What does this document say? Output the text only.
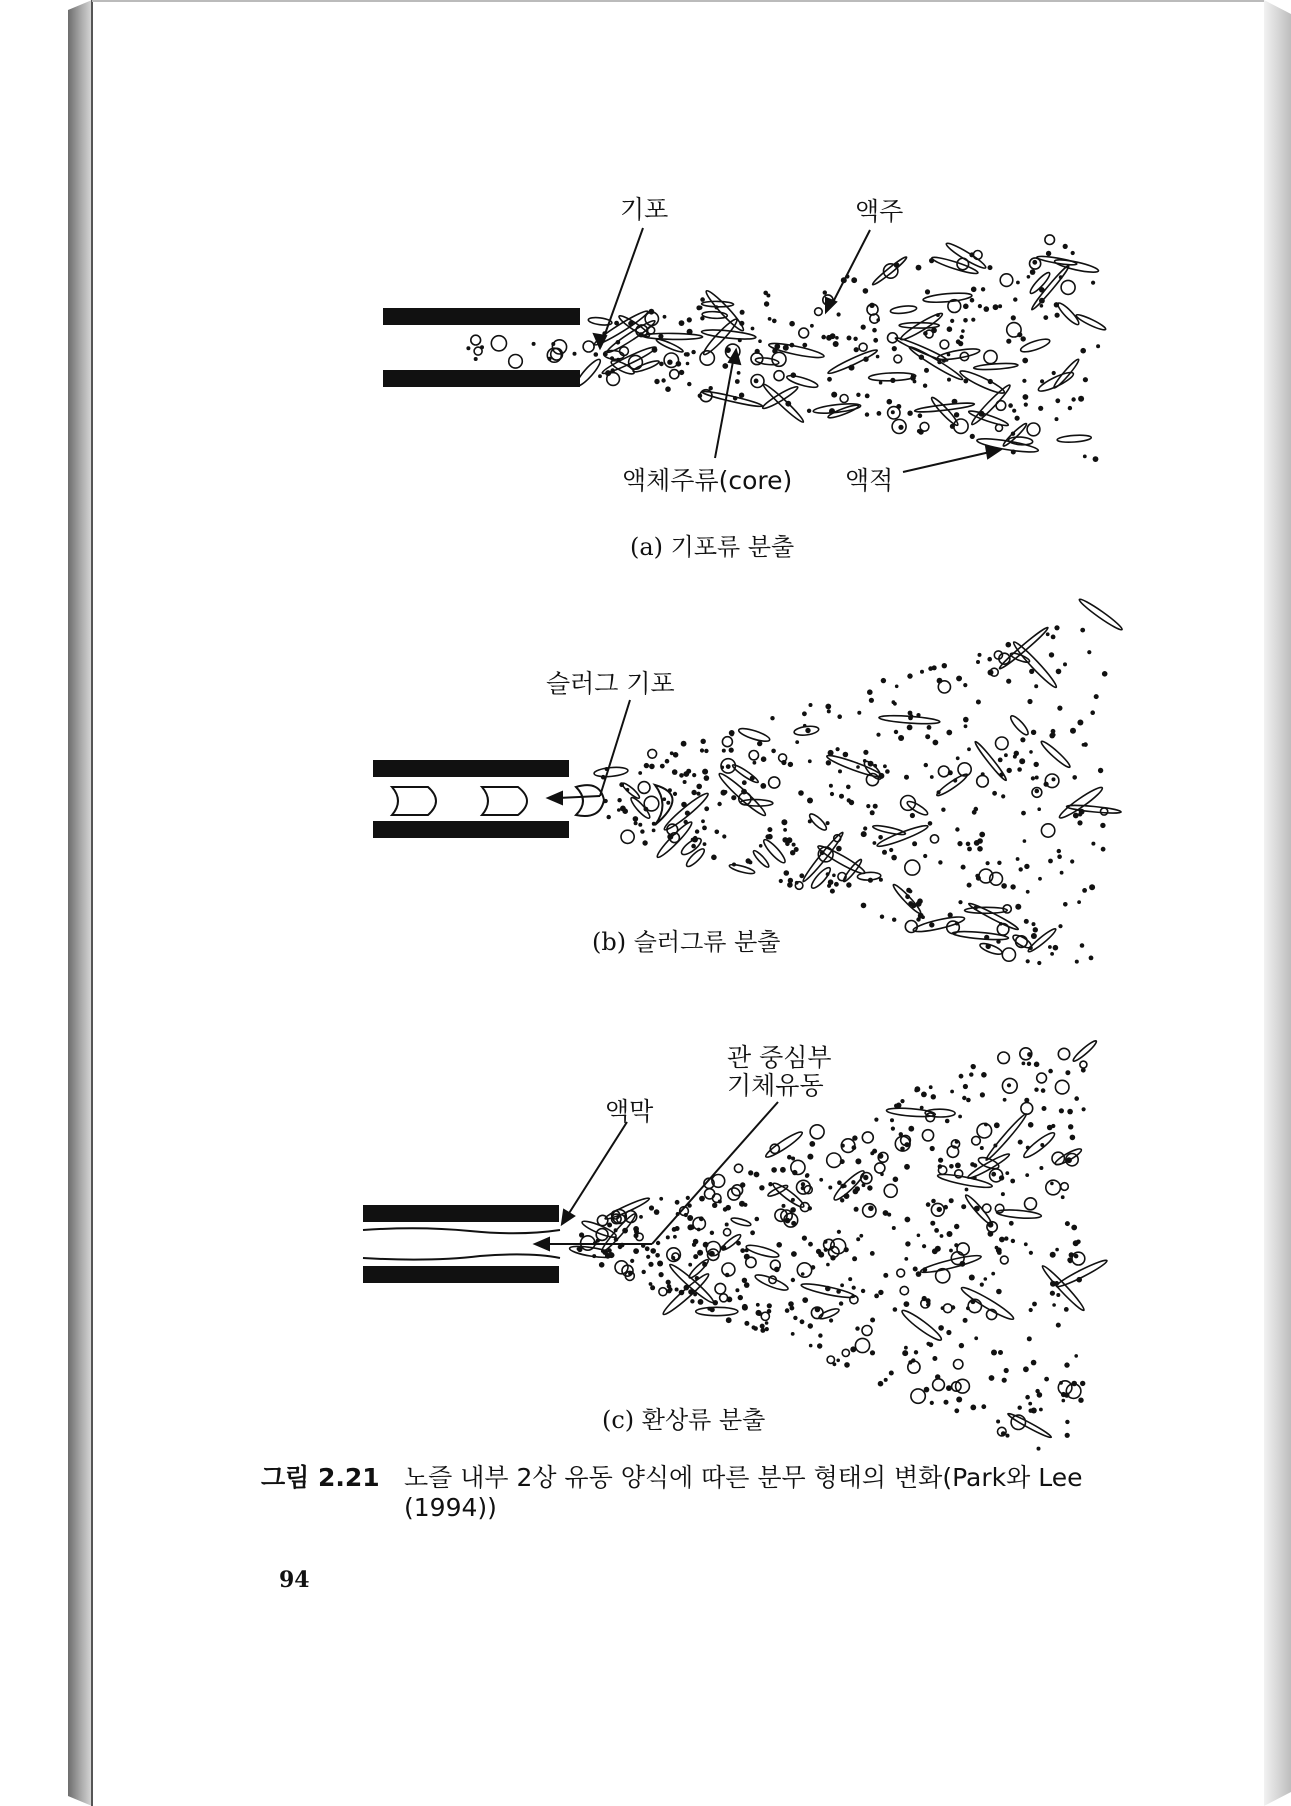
기포	액주
액체주류(core) 액적
(a) 기포류 분출
슬러그 기포
(b) 슬러그류 분출
관 중심부
기체유동
액막
(c) 환상류 분출
그림 2.21 노즐 내부 2상 유동 양식에 따른 분무 형태의 변화(Park와 Lee
(1994))
94
